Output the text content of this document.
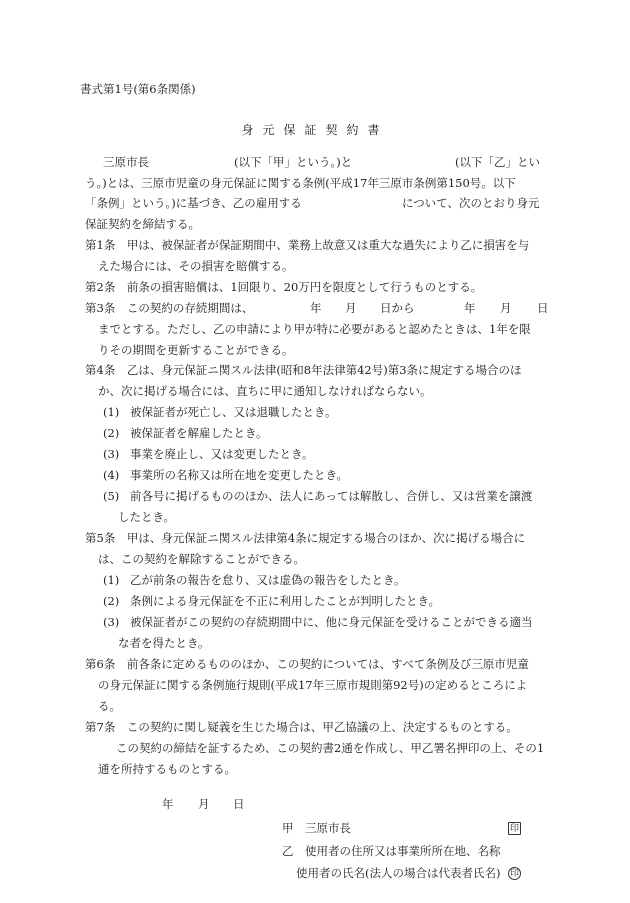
書式第1号(第6条関係)
身元保証契約書
三原市長	(以下「甲」という。)と	(以下「乙」とい
う。)とは、三原市児童の身元保証に関する条例(平成17年三原市条例第150号。以下
「条例」という。)に基づき、乙の雇用する	について、次のとおり身元
保証契約を締結する。
第1条　甲は、被保証者が保証期間中、業務上故意又は重大な過失により乙に損害を与
えた場合には、その損害を賠償する。
第2条　前条の損害賠償は、1回限り、20万円を限度として行うものとする。
第3条　この契約の存続期間は、	年 月 日から	年 月 日
までとする。ただし、乙の申請により甲が特に必要があると認めたときは、1年を限
りその期間を更新することができる。
第4条　乙は、身元保証ニ関スル法律(昭和8年法律第42号)第3条に規定する場合のほ
か、次に掲げる場合には、直ちに甲に通知しなければならない。
(1) 被保証者が死亡し、又は退職したとき。
(2) 被保証者を解雇したとき。
(3) 事業を廃止し、又は変更したとき。
(4) 事業所の名称又は所在地を変更したとき。
(5) 前各号に掲げるもののほか、法人にあっては解散し、合併し、又は営業を譲渡
したとき。
第5条　甲は、身元保証ニ関スル法律第4条に規定する場合のほか、次に掲げる場合に
は、この契約を解除することができる。
(1) 乙が前条の報告を怠り、又は虚偽の報告をしたとき。
(2) 条例による身元保証を不正に利用したことが判明したとき。
(3) 被保証者がこの契約の存続期間中に、他に身元保証を受けることができる適当
な者を得たとき。
第6条　前各条に定めるもののほか、この契約については、すべて条例及び三原市児童
の身元保証に関する条例施行規則(平成17年三原市規則第92号)の定めるところによ
る。
第7条　この契約に関し疑義を生じた場合は、甲乙協議の上、決定するものとする。
この契約の締結を証するため、この契約書2通を作成し、甲乙署名押印の上、その1
通を所持するものとする。
年 月 日
甲　三原市長	印
乙　使用者の住所又は事業所所在地、名称
使用者の氏名(法人の場合は代表者氏名) 印
